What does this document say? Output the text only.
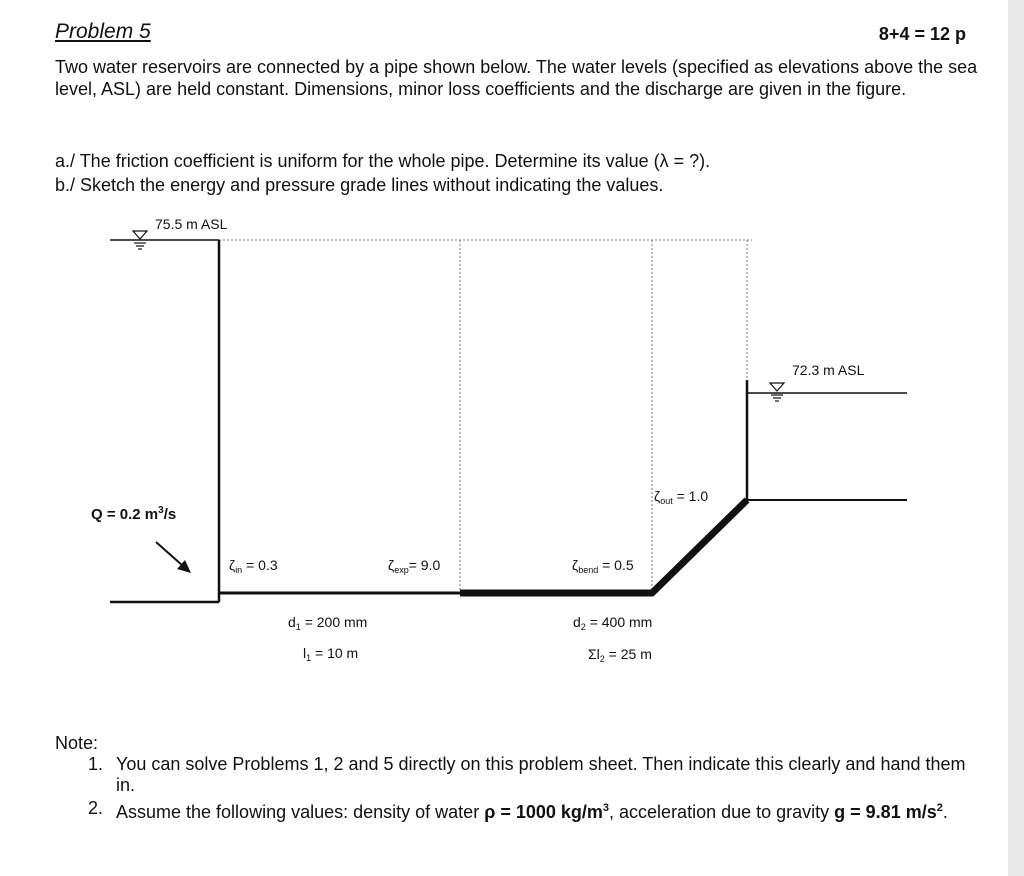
Problem 5	8+4 = 12 p
Two water reservoirs are connected by a pipe shown below. The water levels (specified as elevations above the sea level, ASL) are held constant. Dimensions, minor loss coefficients and the discharge are given in the figure.
a./ The friction coefficient is uniform for the whole pipe. Determine its value (λ = ?).
b./ Sketch the energy and pressure grade lines without indicating the values.
75.5 m ASL
72.3 m ASL
Q = 0.2 $m^3/s$
$\zeta_{in} = 0.3$	$\zeta_{exp}= 9.0$	$\zeta_{bend} = 0.5$
$\zeta_{out} = 1.0$
$d_1 = 200$ mm
$l_1 = 10$ m
$d_2 = 400$ mm
$\Sigma l_2 = 25$ m
Note:
1. You can solve Problems 1, 2 and 5 directly on this problem sheet. Then indicate this clearly and hand them in.
2. Assume the following values: density of water ρ = 1000 $kg/m^3$, acceleration due to gravity g = 9.81 $m/s^2$.
